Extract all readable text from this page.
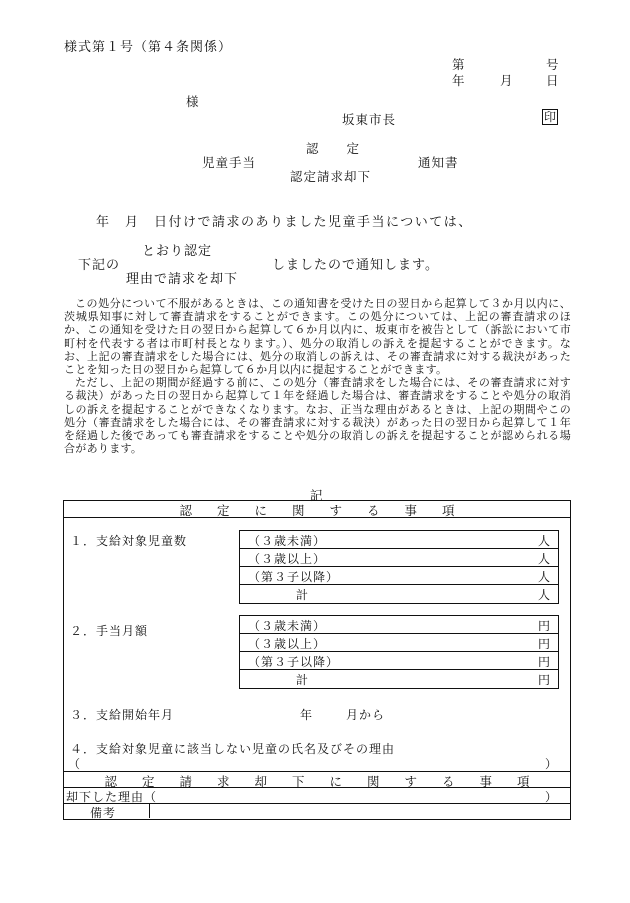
様式第１号（第４条関係）
第	号
年	月	日
様
坂東市長	印
認　　定
児童手当	通知書
認定請求却下
年　月　日付けで請求のありました児童手当については、
とおり認定
下記の	しましたので通知します。
理由で請求を却下

この処分について不服があるときは、この通知書を受けた日の翌日から起算して３か月以内に、茨城県知事に対して審査請求をすることができます。この処分については、上記の審査請求のほか、この通知を受けた日の翌日から起算して６か月以内に、坂東市を被告として（訴訟において市町村を代表する者は市町村長となります。）、処分の取消しの訴えを提起することができます。なお、上記の審査請求をした場合には、処分の取消しの訴えは、その審査請求に対する裁決があったことを知った日の翌日から起算して６か月以内に提起することができます。

ただし、上記の期間が経過する前に、この処分（審査請求をした場合には、その審査請求に対する裁決）があった日の翌日から起算して１年を経過した場合は、審査請求をすることや処分の取消しの訴えを提起することができなくなります。なお、正当な理由があるときは、上記の期間やこの処分（審査請求をした場合には、その審査請求に対する裁決）があった日の翌日から起算して１年を経過した後であっても審査請求をすることや処分の取消しの訴えを提起することが認められる場合があります。

記
認　　定　　に　　関　　す　　る　　事　　項
１．支給対象児童数	（３歳未満）	人
（３歳以上）	人
（第３子以降）	人
計	人
２．手当月額	（３歳未満）	円
（３歳以上）	円
（第３子以降）	円
計	円
３．支給開始年月	年	月から
４．支給対象児童に該当しない児童の氏名及びその理由
（	）
認　　定　　請　　求　　却　　下　　に　　関　　す　　る　　事　　項
却下した理由（	）
備考
